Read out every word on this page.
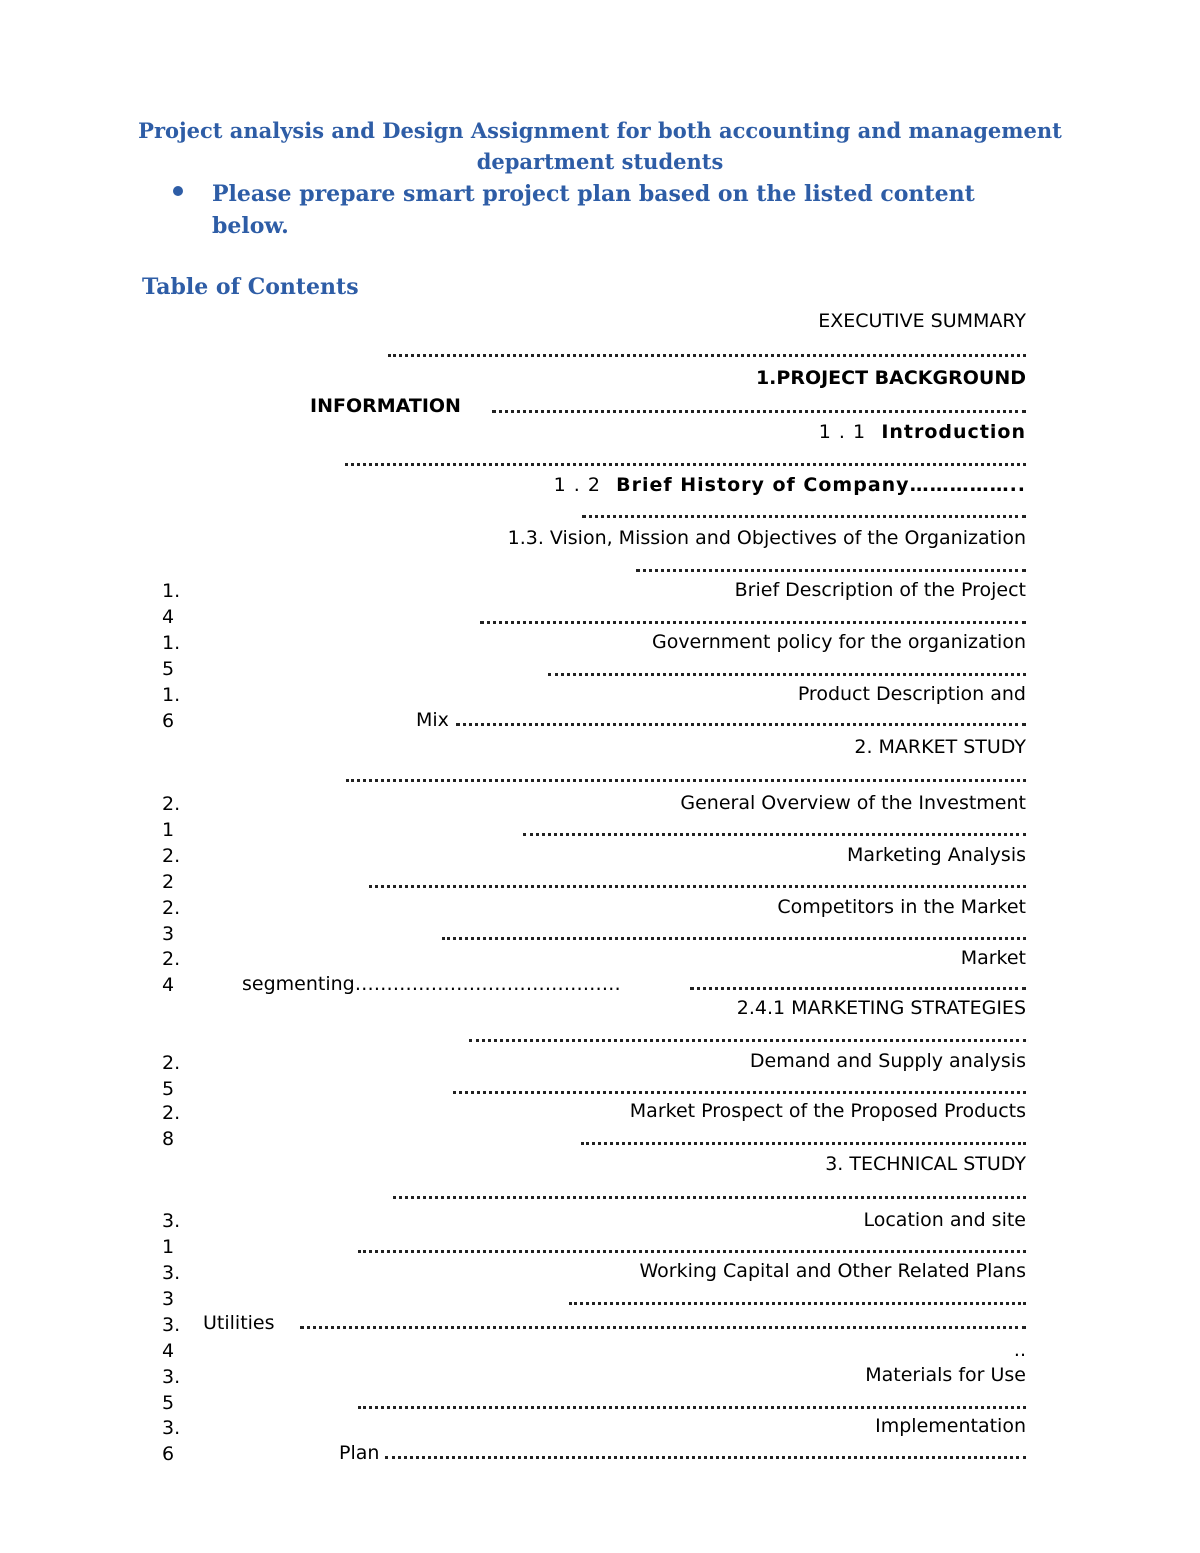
Project analysis and Design Assignment for both accounting and management
department students
Please prepare smart project plan based on the listed content below.
Table of Contents
EXECUTIVE SUMMARY
1.PROJECT BACKGROUND
INFORMATION
1 . 1 Introduction
1 . 2 Brief History of Company……………..
1.3. Vision, Mission and Objectives of the Organization
1.
4
Brief Description of the Project
1.
5
Government policy for the organization
1.
6
Product Description and
Mix
2. MARKET STUDY
2.
1
General Overview of the Investment
2.
2
Marketing Analysis
2.
3
Competitors in the Market
2.
4
Market
segmenting……………………………………
2.4.1 MARKETING STRATEGIES
2.
5
Demand and Supply analysis
2.
8
Market Prospect of the Proposed Products
3. TECHNICAL STUDY
3.
1
Location and site
3.
3
Working Capital and Other Related Plans
3.
4
Utilities
..
3.
5
Materials for Use
3.
6
Implementation
Plan
